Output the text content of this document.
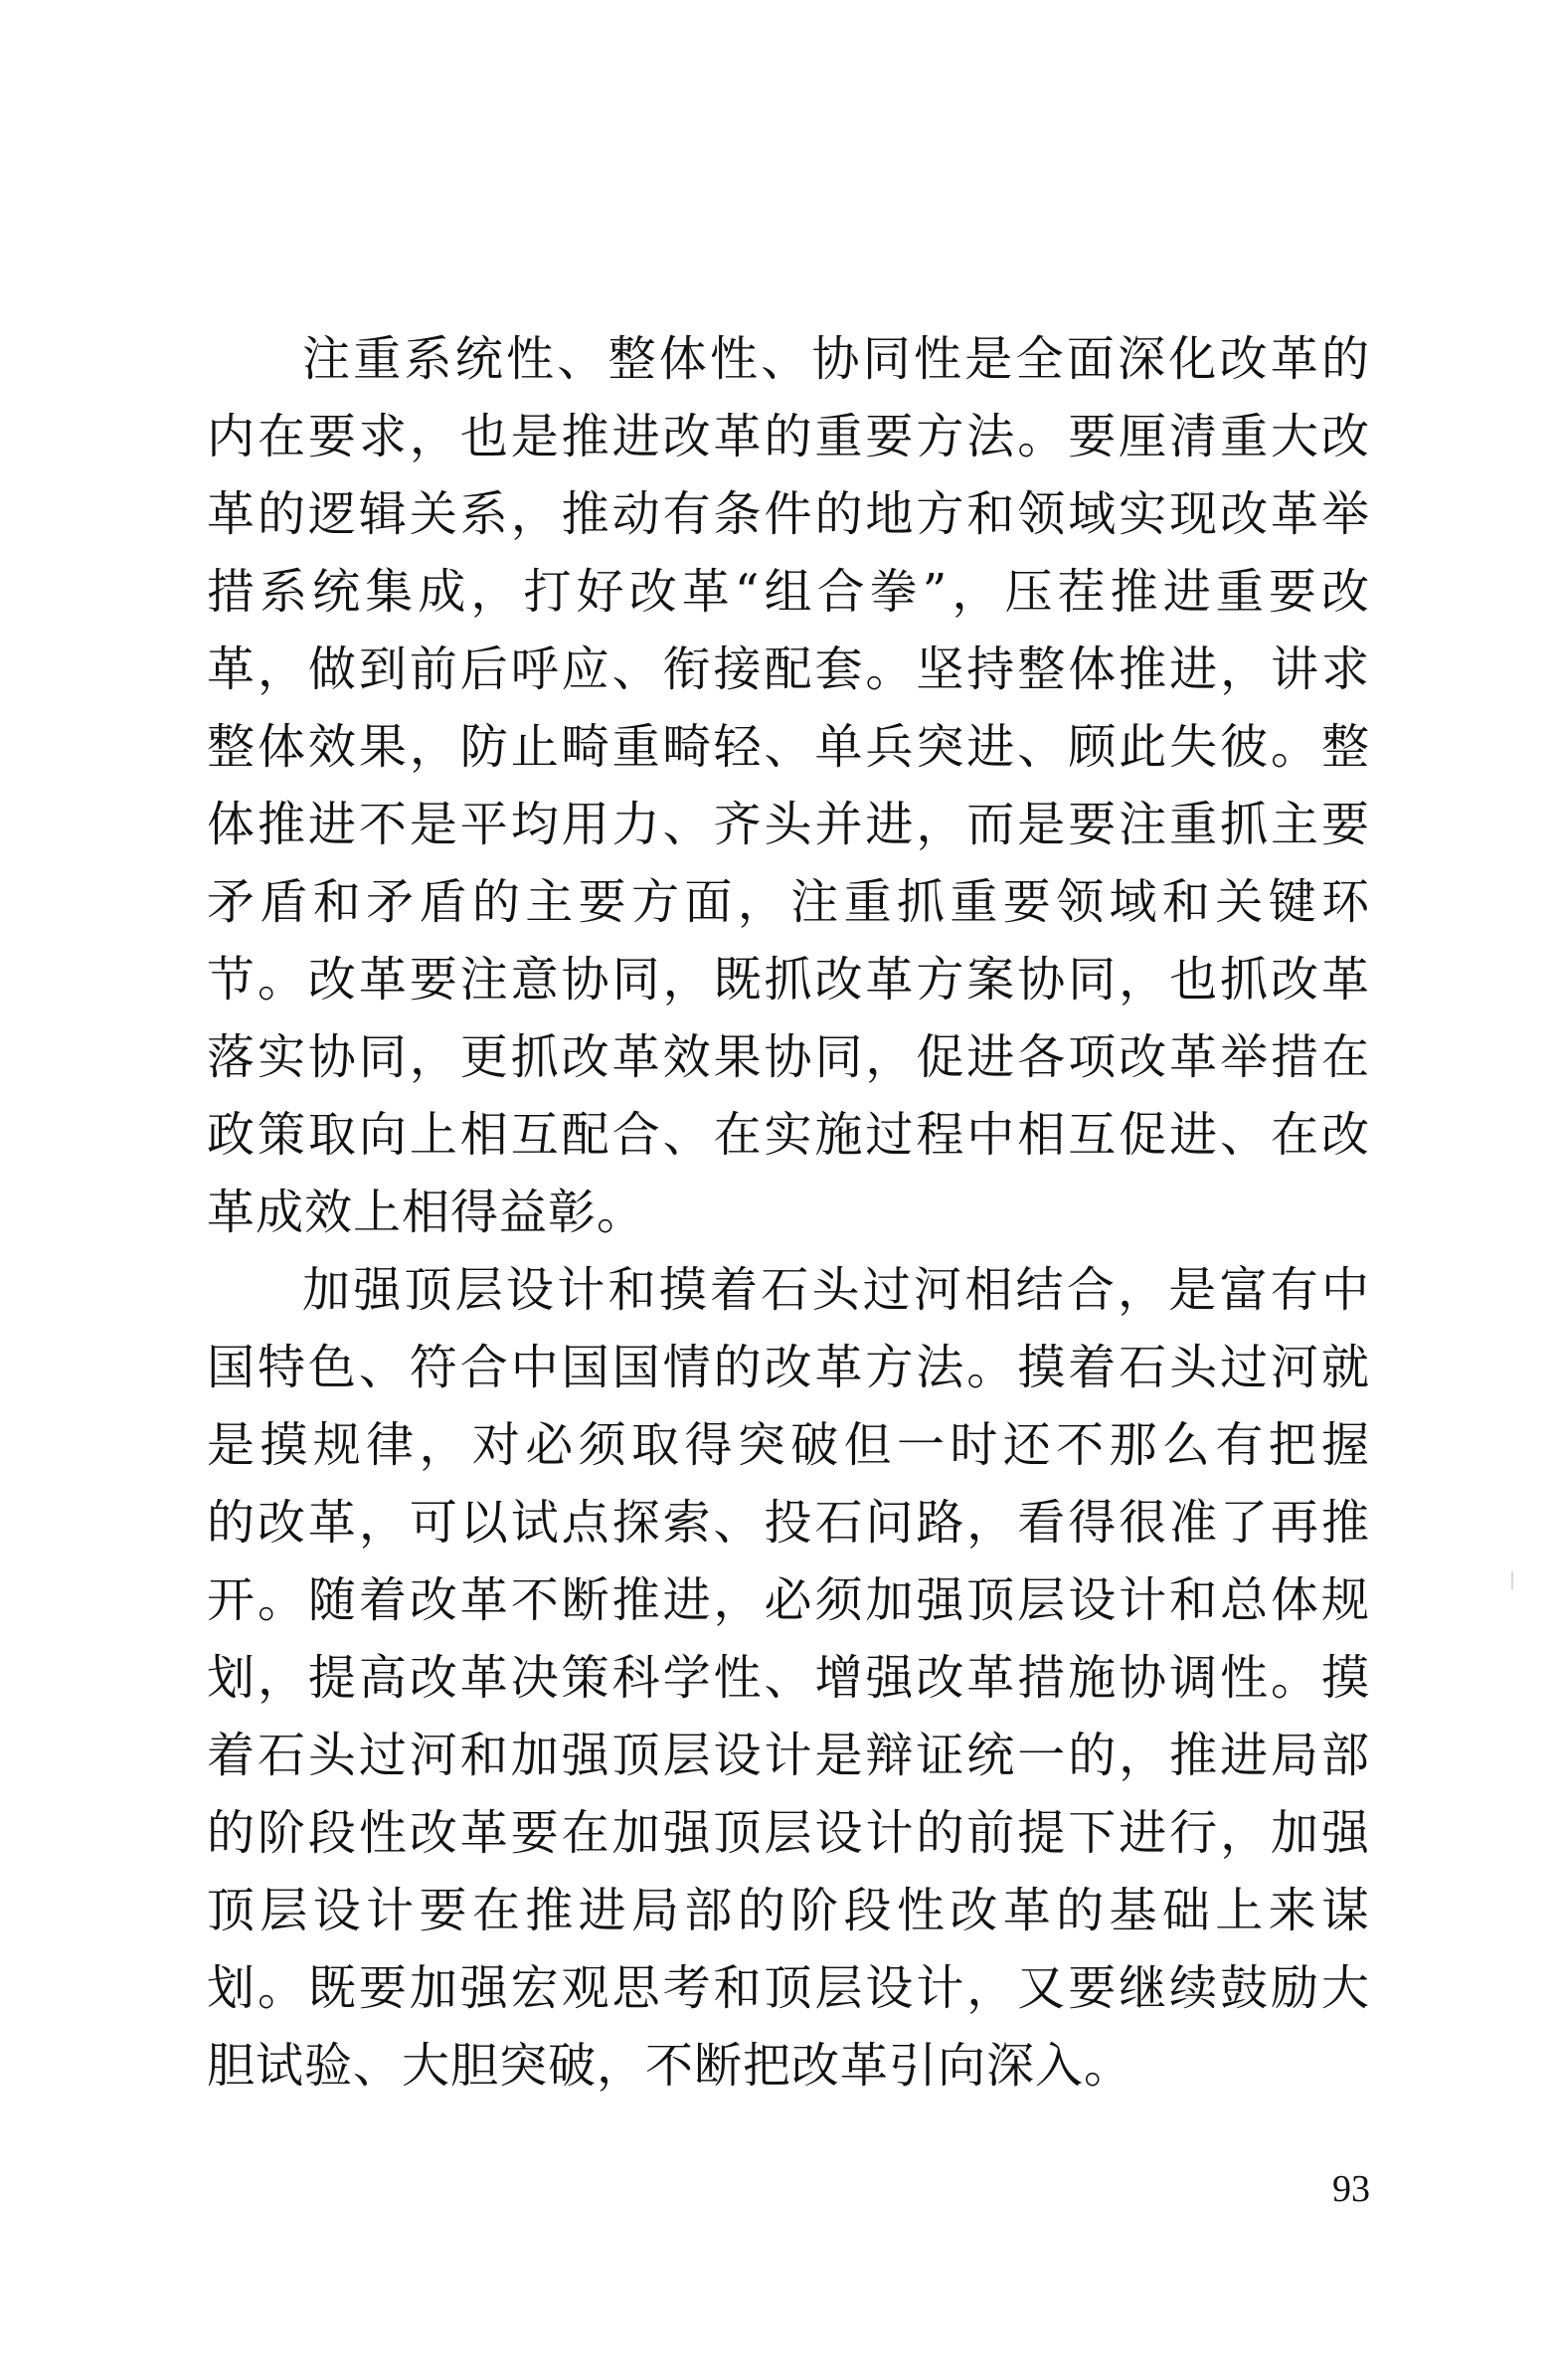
注重系统性、整体性、协同性是全面深化改革的
内在要求，也是推进改革的重要方法。要厘清重大改
革的逻辑关系，推动有条件的地方和领域实现改革举
措系统集成，打好改革“组合拳”，压茬推进重要改
革，做到前后呼应、衔接配套。坚持整体推进，讲求
整体效果，防止畸重畸轻、单兵突进、顾此失彼。整
体推进不是平均用力、齐头并进，而是要注重抓主要
矛盾和矛盾的主要方面，注重抓重要领域和关键环
节。改革要注意协同，既抓改革方案协同，也抓改革
落实协同，更抓改革效果协同，促进各项改革举措在
政策取向上相互配合、在实施过程中相互促进、在改
革成效上相得益彰。
加强顶层设计和摸着石头过河相结合，是富有中
国特色、符合中国国情的改革方法。摸着石头过河就
是摸规律，对必须取得突破但一时还不那么有把握
的改革，可以试点探索、投石问路，看得很准了再推
开。随着改革不断推进，必须加强顶层设计和总体规
划，提高改革决策科学性、增强改革措施协调性。摸
着石头过河和加强顶层设计是辩证统一的，推进局部
的阶段性改革要在加强顶层设计的前提下进行，加强
顶层设计要在推进局部的阶段性改革的基础上来谋
划。既要加强宏观思考和顶层设计，又要继续鼓励大
胆试验、大胆突破，不断把改革引向深入。
93
